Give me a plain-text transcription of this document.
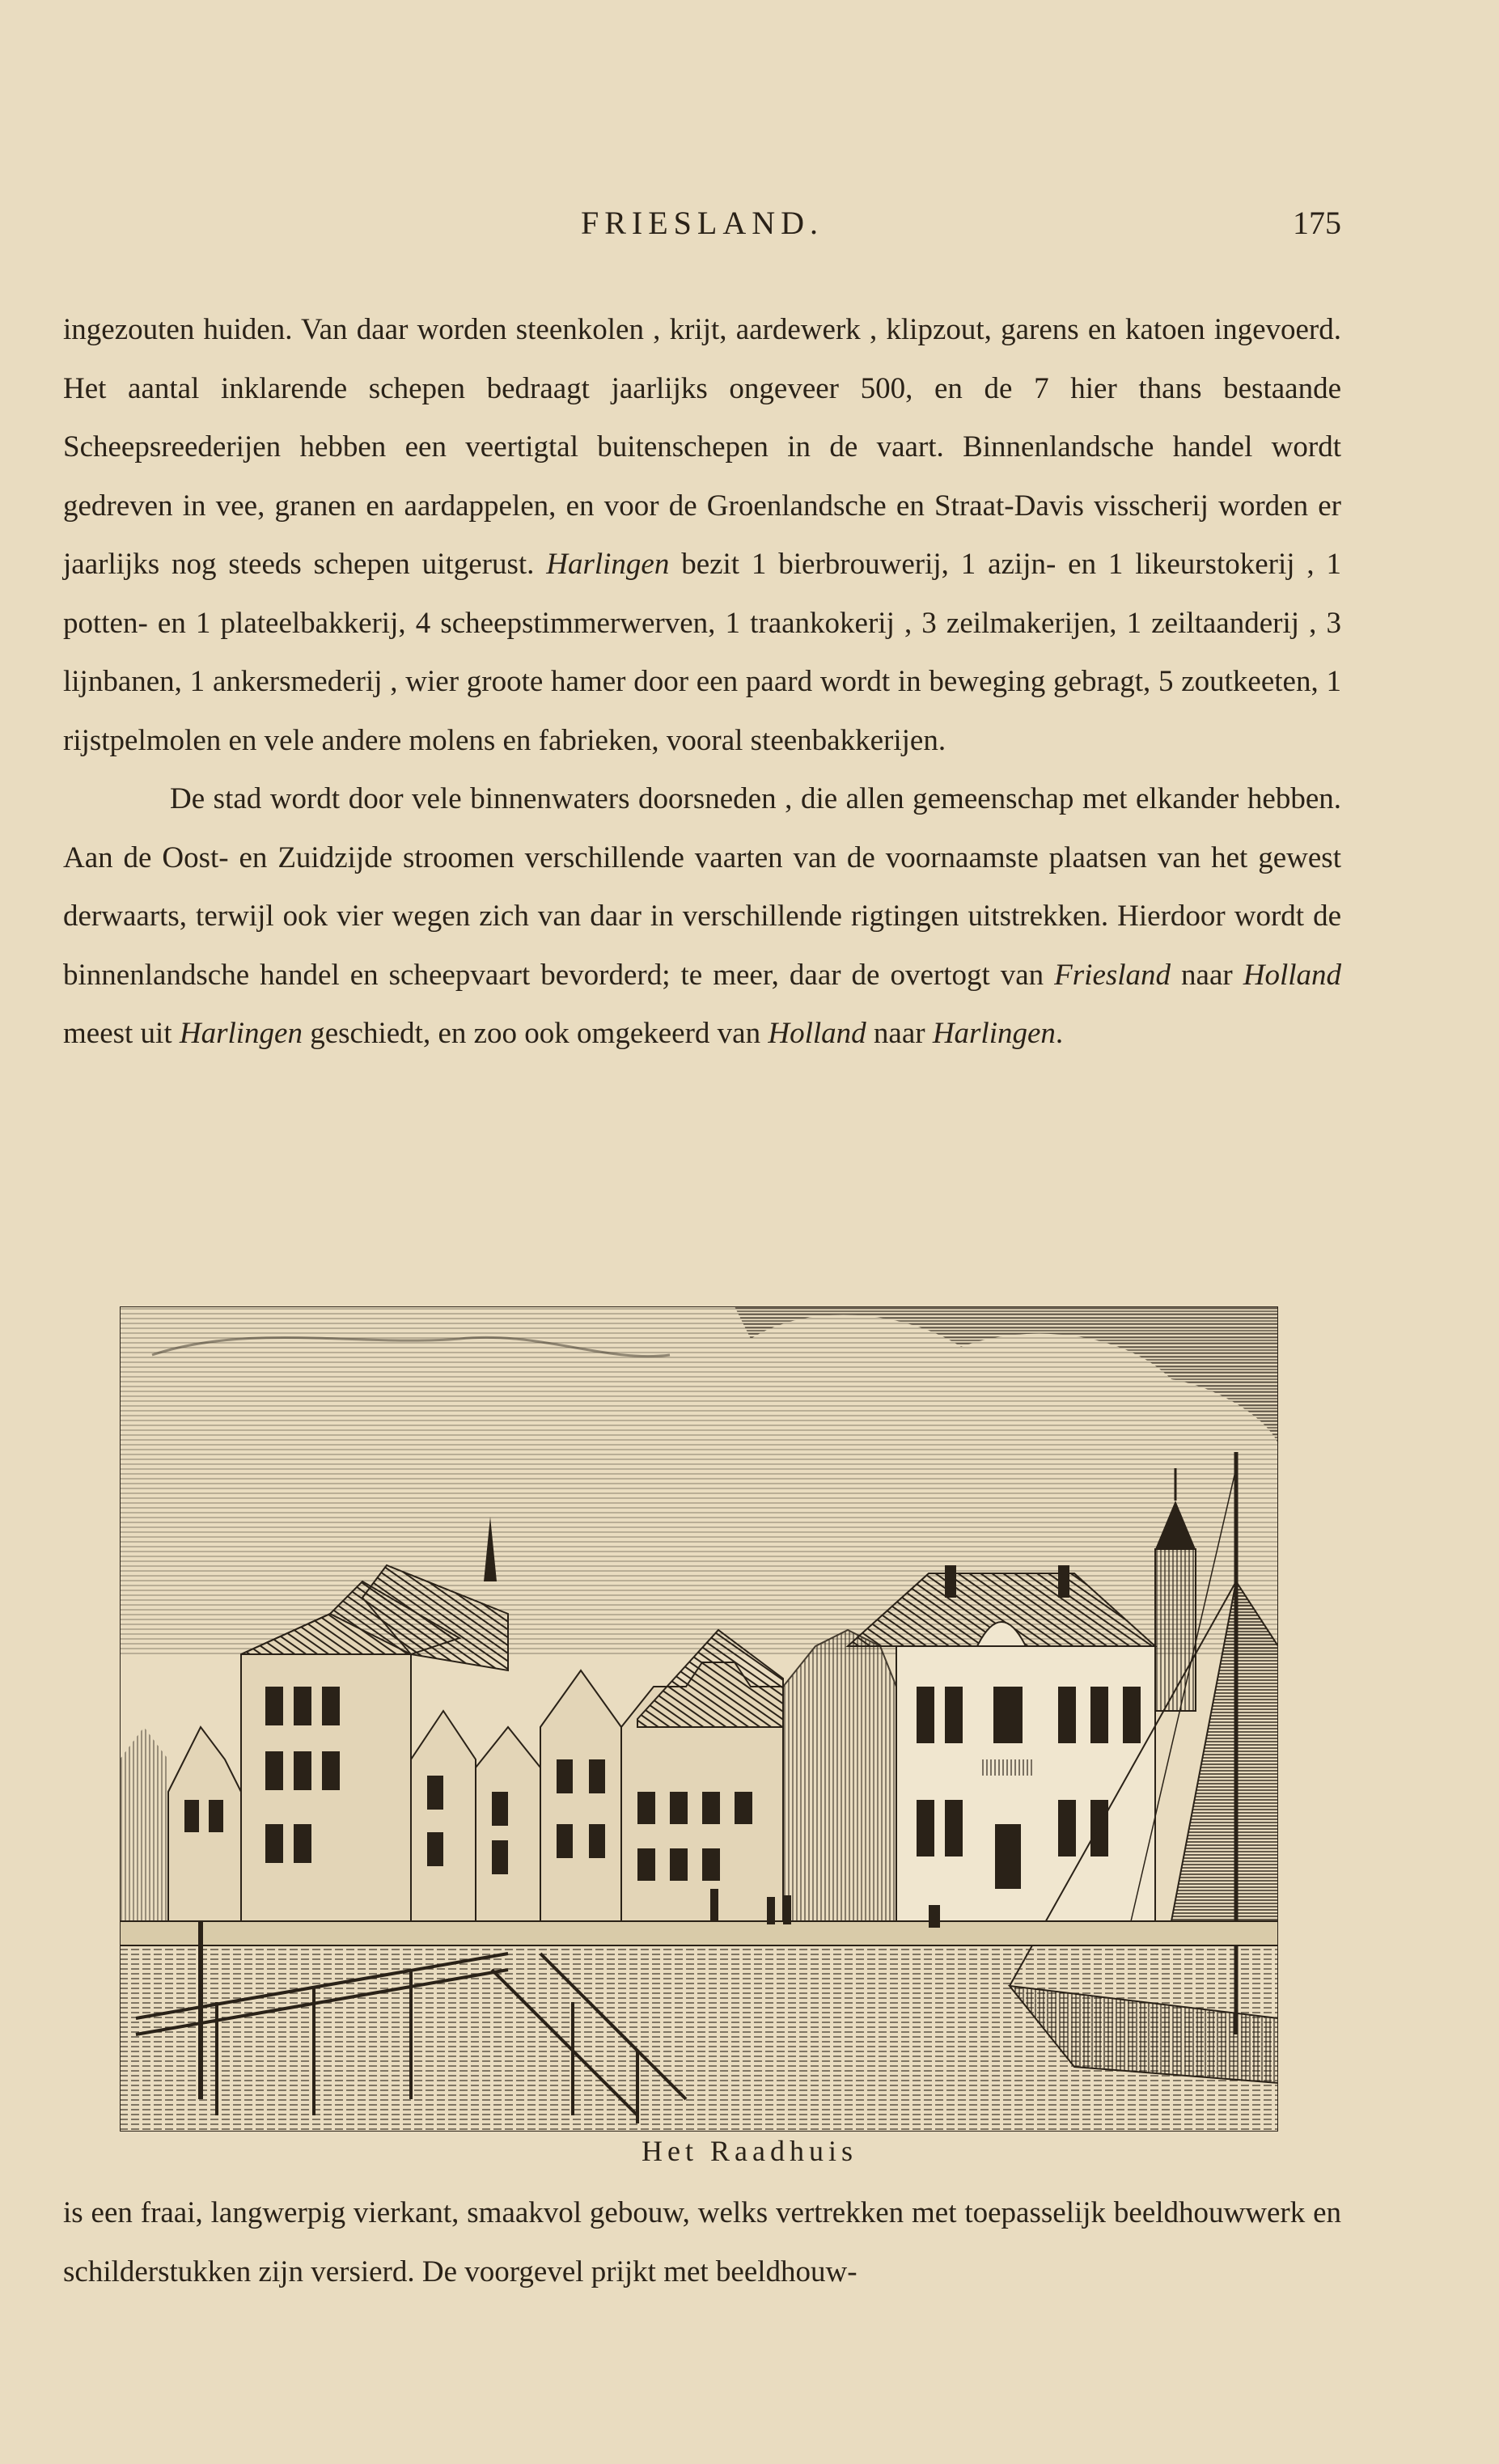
FRIESLAND.	175

ingezouten huiden. Van daar worden steenkolen , krijt, aardewerk , klipzout, garens en katoen ingevoerd. Het aantal inklarende schepen bedraagt jaarlijks ongeveer 500, en de 7 hier thans bestaande Scheepsreederijen hebben een veertigtal buitenschepen in de vaart. Binnenlandsche handel wordt gedreven in vee, granen en aardappelen, en voor de Groenlandsche en Straat-Davis visscherij worden er jaarlijks nog steeds schepen uitgerust. Harlingen bezit 1 bierbrouwerij, 1 azijn- en 1 likeurstokerij , 1 potten- en 1 plateelbakkerij, 4 scheepstimmerwerven, 1 traankokerij , 3 zeilmakerijen, 1 zeiltaanderij , 3 lijnbanen, 1 ankersmederij , wier groote hamer door een paard wordt in beweging gebragt, 5 zoutkeeten, 1 rijstpelmolen en vele andere molens en fabrieken, vooral steenbakkerijen.

De stad wordt door vele binnenwaters doorsneden , die allen gemeenschap met elkander hebben. Aan de Oost- en Zuidzijde stroomen verschillende vaarten van de voornaamste plaatsen van het gewest derwaarts, terwijl ook vier wegen zich van daar in verschillende rigtingen uitstrekken. Hierdoor wordt de binnenlandsche handel en scheepvaart bevorderd; te meer, daar de overtogt van Friesland naar Holland meest uit Harlingen geschiedt, en zoo ook omgekeerd van Holland naar Harlingen.

Het Raadhuis

is een fraai, langwerpig vierkant, smaakvol gebouw, welks vertrekken met toepasselijk beeldhouwwerk en schilderstukken zijn versierd. De voorgevel prijkt met beeldhouw-
